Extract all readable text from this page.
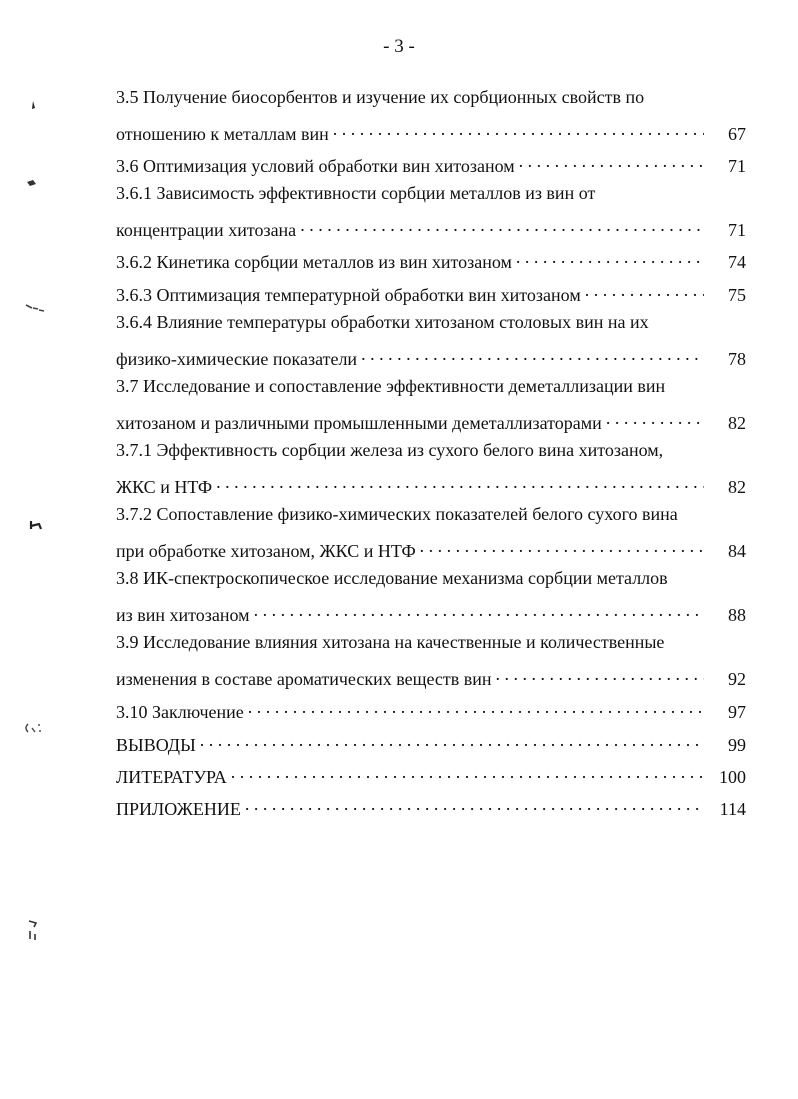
- 3 -
3.5 Получение биосорбентов и изучение их сорбционных свойств по
отношению к металлам вин . . .	67
3.6 Оптимизация условий обработки вин хитозаном . . .	71
3.6.1 Зависимость эффективности сорбции металлов из вин от
концентрации хитозана . . .	71
3.6.2 Кинетика сорбции металлов из вин хитозаном . . .	74
3.6.3 Оптимизация температурной обработки вин хитозаном . . .	75
3.6.4 Влияние температуры обработки хитозаном столовых вин на их
физико-химические показатели . . .	78
3.7 Исследование и сопоставление эффективности деметаллизации вин
хитозаном и различными промышленными деметаллизаторами . . .	82
3.7.1 Эффективность сорбции железа из сухого белого вина хитозаном,
ЖКС и НТФ . . .	82
3.7.2 Сопоставление физико-химических показателей белого сухого вина
при обработке хитозаном, ЖКС и НТФ . . .	84
3.8 ИК-спектроскопическое исследование механизма сорбции металлов
из вин хитозаном . . .	88
3.9 Исследование влияния хитозана на качественные и количественные
изменения в составе ароматических веществ вин . . .	92
3.10 Заключение . . .	97
ВЫВОДЫ . . .	99
ЛИТЕРАТУРА . . .	100
ПРИЛОЖЕНИЕ . . .	114
